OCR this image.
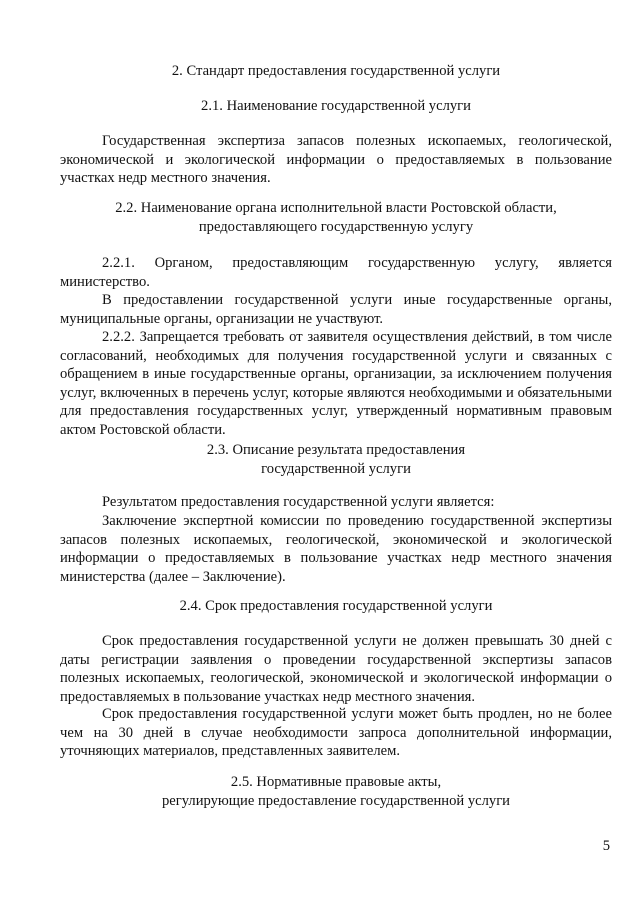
2. Стандарт предоставления государственной услуги
2.1. Наименование государственной услуги

Государственная экспертиза запасов полезных ископаемых, геологической, экономической и экологической информации о предоставляемых в пользование участках недр местного значения.

2.2. Наименование органа исполнительной власти Ростовской области,
предоставляющего государственную услугу

2.2.1. Органом, предоставляющим государственную услугу, является министерство.

В предоставлении государственной услуги иные государственные органы, муниципальные органы, организации не участвуют.

2.2.2. Запрещается требовать от заявителя осуществления действий, в том числе согласований, необходимых для получения государственной услуги и связанных с обращением в иные государственные органы, организации, за исключением получения услуг, включенных в перечень услуг, которые являются необходимыми и обязательными для предоставления государственных услуг, утвержденный нормативным правовым актом Ростовской области.

2.3. Описание результата предоставления
государственной услуги

Результатом предоставления государственной услуги является:

Заключение экспертной комиссии по проведению государственной экспертизы запасов полезных ископаемых, геологической, экономической и экологической информации о предоставляемых в пользование участках недр местного значения министерства (далее – Заключение).

2.4. Срок предоставления государственной услуги

Срок предоставления государственной услуги не должен превышать 30 дней с даты регистрации заявления о проведении государственной экспертизы запасов полезных ископаемых, геологической, экономической и экологической информации о предоставляемых в пользование участках недр местного значения.

Срок предоставления государственной услуги может быть продлен, но не более чем на 30 дней в случае необходимости запроса дополнительной информации, уточняющих материалов, представленных заявителем.

2.5. Нормативные правовые акты,
регулирующие предоставление государственной услуги
5
